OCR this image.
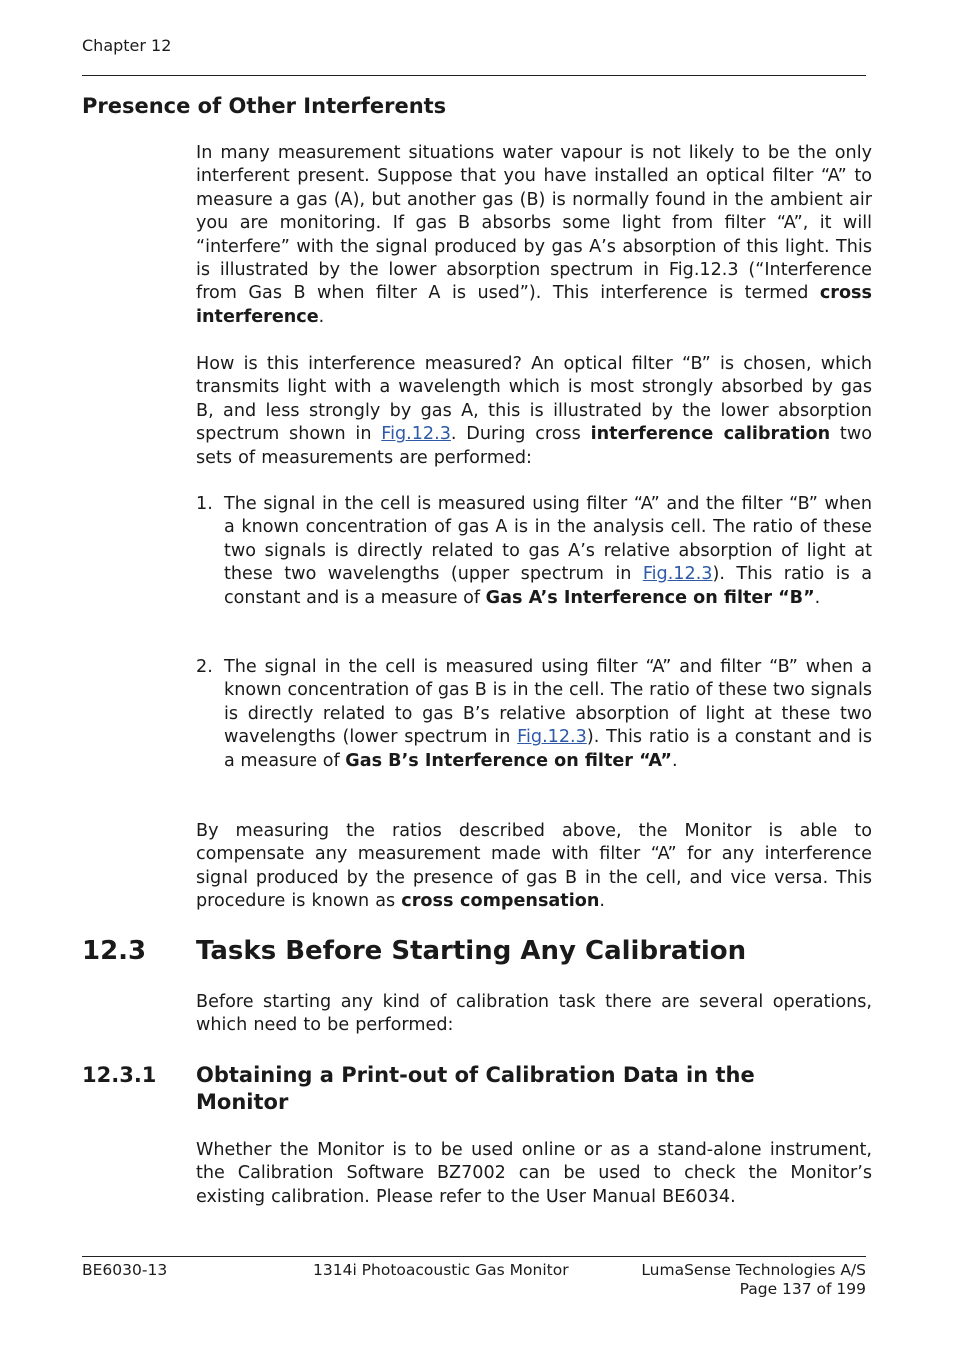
Chapter 12
Presence of Other Interferents

In many measurement situations water vapour is not likely to be the only interferent present. Suppose that you have installed an optical filter “A” to measure a gas (A), but another gas (B) is normally found in the ambient air you are monitoring. If gas B absorbs some light from filter “A”, it will “interfere” with the signal produced by gas A’s absorption of this light. This is illustrated by the lower absorption spectrum in Fig.12.3 (“Interference from Gas B when filter A is used”). This interference is termed cross interference.

How is this interference measured? An optical filter “B” is chosen, which transmits light with a wavelength which is most strongly absorbed by gas B, and less strongly by gas A, this is illustrated by the lower absorption spectrum shown in Fig.12.3. During cross interference calibration two sets of measurements are performed:

1. The signal in the cell is measured using filter “A” and the filter “B” when a known concentration of gas A is in the analysis cell. The ratio of these two signals is directly related to gas A’s relative absorption of light at these two wavelengths (upper spectrum in Fig.12.3). This ratio is a constant and is a measure of Gas A’s Interference on filter “B”.

2. The signal in the cell is measured using filter “A” and filter “B” when a known concentration of gas B is in the cell. The ratio of these two signals is directly related to gas B’s relative absorption of light at these two wavelengths (lower spectrum in Fig.12.3). This ratio is a constant and is a measure of Gas B’s Interference on filter “A”.

By measuring the ratios described above, the Monitor is able to compensate any measurement made with filter “A” for any interference signal produced by the presence of gas B in the cell, and vice versa. This procedure is known as cross compensation.

12.3 Tasks Before Starting Any Calibration

Before starting any kind of calibration task there are several operations, which need to be performed:

12.3.1 Obtaining a Print-out of Calibration Data in the Monitor

Whether the Monitor is to be used online or as a stand-alone instrument, the Calibration Software BZ7002 can be used to check the Monitor’s existing calibration. Please refer to the User Manual BE6034.

BE6030-13	1314i Photoacoustic Gas Monitor	LumaSense Technologies A/S
Page 137 of 199
